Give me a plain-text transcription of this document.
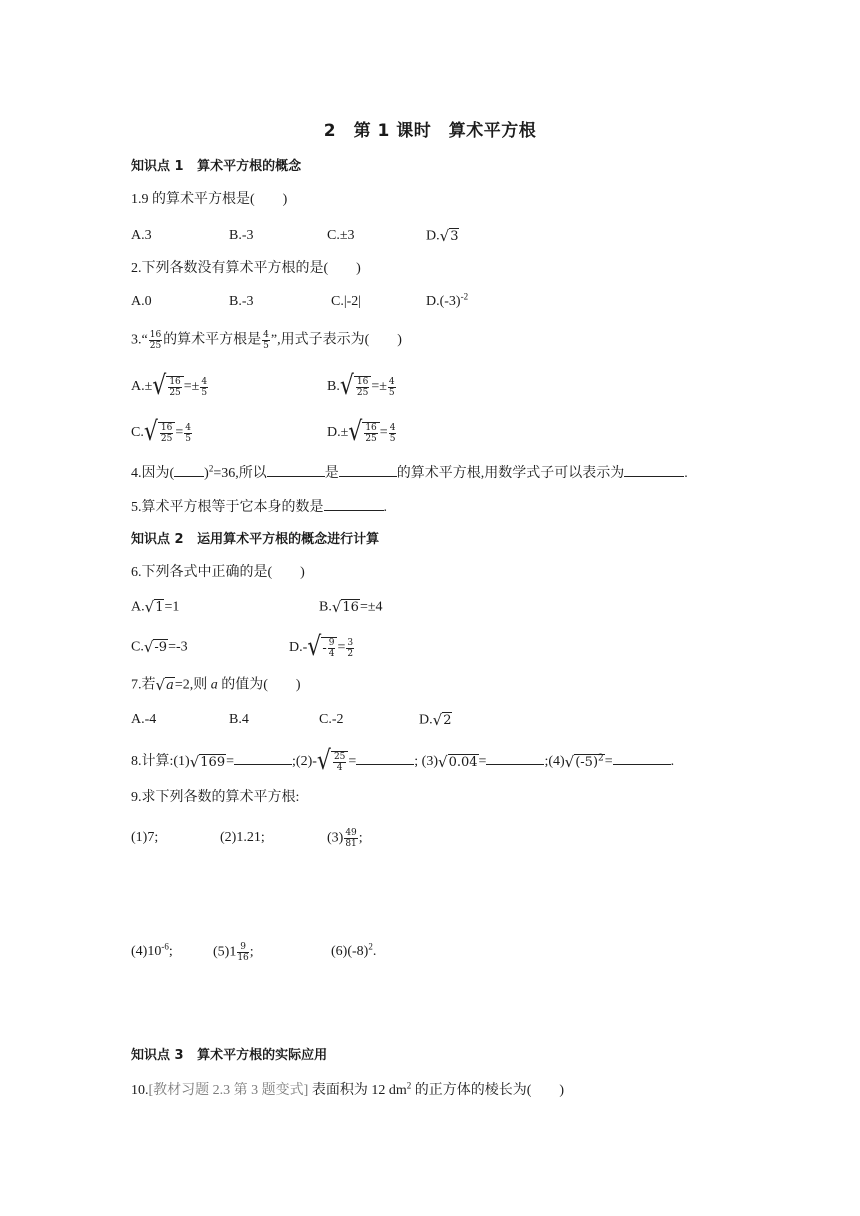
2　第 1 课时　算术平方根
知识点 1 算术平方根的概念
1.9 的算术平方根是(　　)
A.3	B.-3	C.±3	D.√3
2.下列各数没有算术平方根的是(　　)
A.0	B.-3	C.|-2|	$D.(-3)^{-2}$
3.“ $\frac{16}{25}$ 的算术平方根是 $\frac{4}{5}$ ”,用式子表示为(　　)
$A.\pm√ \frac{16}{25} =\pm \frac{4}{5}$	$B.√ \frac{16}{25} =\pm \frac{4}{5}$
$C.√ \frac{16}{25} = \frac{4}{5}$	$D.\pm√ \frac{16}{25} = \frac{4}{5}$
4.因为( )$^2$=36,所以	是	的算术平方根,用数学式子可以表示为	.
5.算术平方根等于它本身的数是	.
知识点 2 运用算术平方根的概念进行计算
6.下列各式中正确的是(　　)
A.√1=1	B.√16=±4
C.√-9=-3	$D.-√- \frac{9}{4} = \frac{3}{2}$
7.若√a=2,则 a 的值为(　　)
A.-4	B.4	C.-2	D.√2
8.计算:(1)√169=	;(2)-√ $\frac{25}{4}$ =	; (3)√0.04=	$;(4)√(-5)^2=$	.
9.求下列各数的算术平方根:
(1)7;	(2)1.21;	$(3) \frac{49}{81}$ ;
$(4)10^{-6}$;	$(5)1 \frac{9}{16}$ ;	$(6)(-8)^2$.
知识点 3 算术平方根的实际应用
10.[教材习题 2.3 第 3 题变式] 表面积为 12 $dm^2$ 的正方体的棱长为(　　)
